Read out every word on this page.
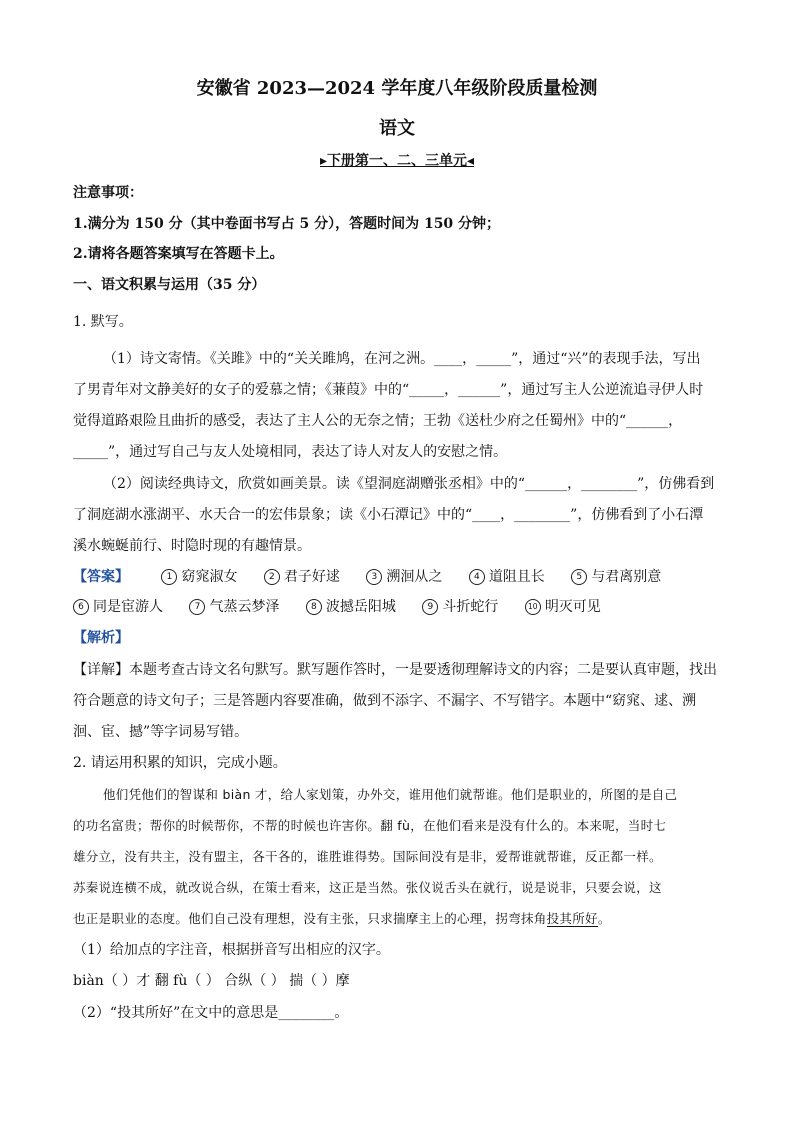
安徽省 2023—2024 学年度八年级阶段质量检测
语文
▸下册第一、二、三单元◂
注意事项：
1.满分为 150 分（其中卷面书写占 5 分），答题时间为 150 分钟；
2.请将各题答案填写在答题卡上。
一、语文积累与运用（35 分）
1. 默写。
（1）诗文寄情。《关雎》中的“关关雎鸠，在河之洲。____，_____”，通过“兴”的表现手法，写出
了男青年对文静美好的女子的爱慕之情；《蒹葭》中的“_____，______”，通过写主人公逆流追寻伊人时
觉得道路艰险且曲折的感受，表达了主人公的无奈之情；王勃《送杜少府之任蜀州》中的“______，
_____”，通过写自己与友人处境相同，表达了诗人对友人的安慰之情。
（2）阅读经典诗文，欣赏如画美景。读《望洞庭湖赠张丞相》中的“______，________”，仿佛看到
了洞庭湖水涨湖平、水天合一的宏伟景象；读《小石潭记》中的“____，________”，仿佛看到了小石潭
溪水蜿蜒前行、时隐时现的有趣情景。
【答案】	1 窈窕淑女	2 君子好逑	3 溯洄从之	4 道阻且长	5 与君离别意
6 同是宦游人	7 气蒸云梦泽	8 波撼岳阳城	9 斗折蛇行	10 明灭可见
【解析】
【详解】本题考查古诗文名句默写。默写题作答时，一是要透彻理解诗文的内容；二是要认真审题，找出
符合题意的诗文句子；三是答题内容要准确，做到不添字、不漏字、不写错字。本题中“窈窕、逑、溯
洄、宦、撼”等字词易写错。
2. 请运用积累的知识，完成小题。
他们凭他们的智谋和 biàn 才，给人家划策，办外交，谁用他们就帮谁。他们是职业的，所图的是自己
的功名富贵；帮你的时候帮你，不帮的时候也许害你。翻 fù，在他们看来是没有什么的。本来呢，当时七
雄分立，没有共主，没有盟主，各干各的，谁胜谁得势。国际间没有是非，爱帮谁就帮谁，反正都一样。
苏秦说连横不成，就改说合纵，在策士看来，这正是当然。张仪说舌头在就行，说是说非，只要会说，这
也正是职业的态度。他们自己没有理想，没有主张，只求揣摩主上的心理，拐弯抹角投其所好。
（1）给加点的字注音，根据拼音写出相应的汉字。
biàn（ ）才 翻 fù（ ） 合纵（ ） 揣（ ）摩
（2）“投其所好”在文中的意思是________。
